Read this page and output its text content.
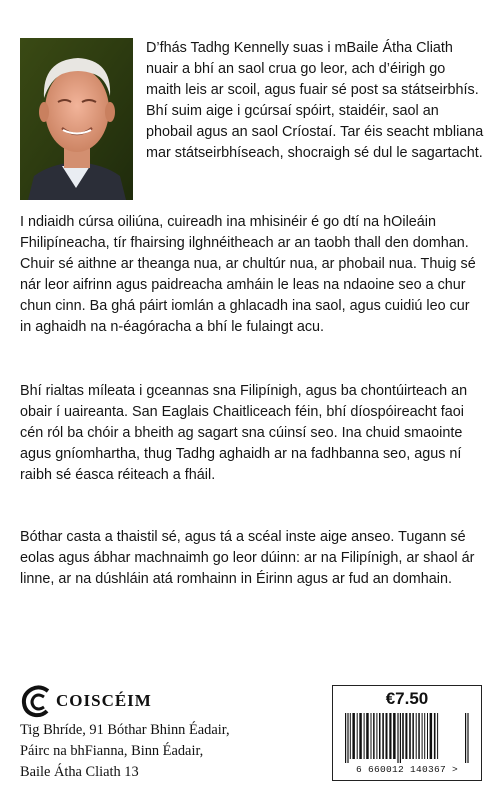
D’fhás Tadhg Kennelly suas i mBaile Átha Cliath nuair a bhí an saol crua go leor, ach d’éirigh go maith leis ar scoil, agus fuair sé post sa státseirbhís. Bhí suim aige i gcúrsaí spóirt, staidéir, saol an phobail agus an saol Críostaí. Tar éis seacht mbliana mar státseirbhíseach, shocraigh sé dul le sagartacht.

I ndiaidh cúrsa oiliúna, cuireadh ina mhisinéir é go dtí na hOileáin Fhilipíneacha, tír fhairsing ilghnéitheach ar an taobh thall den domhan. Chuir sé aithne ar theanga nua, ar chultúr nua, ar phobail nua. Thuig sé nár leor aifrinn agus paidreacha amháin le leas na ndaoine seo a chur chun cinn. Ba ghá páirt iomlán a ghlacadh ina saol, agus cuidiú leo cur in aghaidh na n-éagóracha a bhí le fulaingt acu.

Bhí rialtas míleata i gceannas sna Filipínigh, agus ba chontúirteach an obair í uaireanta. San Eaglais Chaitliceach féin, bhí díospóireacht faoi cén ról ba chóir a bheith ag sagart sna cúinsí seo. Ina chuid smaointe agus gníomhartha, thug Tadhg aghaidh ar na fadhbanna seo, agus ní raibh sé éasca réiteach a fháil.

Bóthar casta a thaistil sé, agus tá a scéal inste aige anseo. Tugann sé eolas agus ábhar machnaimh go leor dúinn: ar na Filipínigh, ar shaol ár linne, ar na dúshláin atá romhainn in Éirinn agus ar fud an domhain.

COISCÉIM
Tig Bhríde, 91 Bóthar Bhinn Éadair,
Páirc na bhFianna, Binn Éadair,
Baile Átha Cliath 13
€7.50
6 660012 140367 >
